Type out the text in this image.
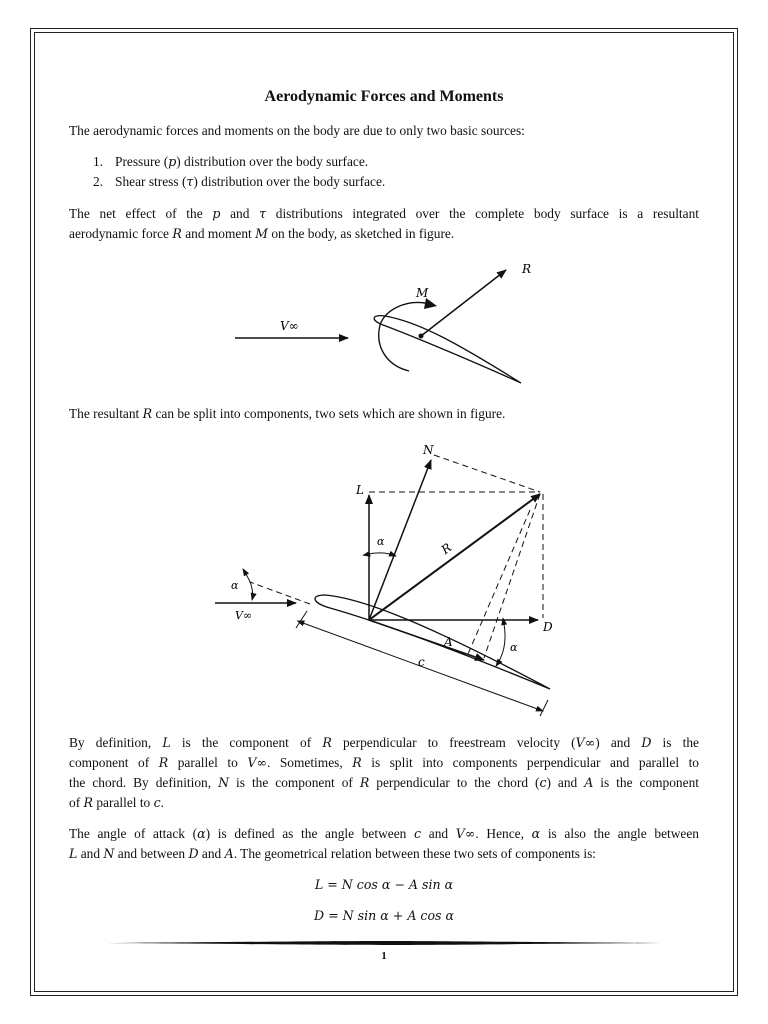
Aerodynamic Forces and Moments

The aerodynamic forces and moments on the body are due to only two basic sources:

1. Pressure (p) distribution over the body surface.
2. Shear stress (τ) distribution over the body surface.

The net effect of the p and τ distributions integrated over the complete body surface is a resultant
aerodynamic force R and moment M on the body, as sketched in figure.

V∞
M
R

The resultant R can be split into components, two sets which are shown in figure.

V∞
α
L
N
R
D
A
α
α
c

By definition, L is the component of R perpendicular to freestream velocity (V∞) and D is the
component of R parallel to V∞. Sometimes, R is split into components perpendicular and parallel to
the chord. By definition, N is the component of R perpendicular to the chord (c) and A is the component
of R parallel to c.

The angle of attack (α) is defined as the angle between c and V∞. Hence, α is also the angle between
L and N and between D and A. The geometrical relation between these two sets of components is:

L = N cos α − A sin α
D = N sin α + A cos α
1
